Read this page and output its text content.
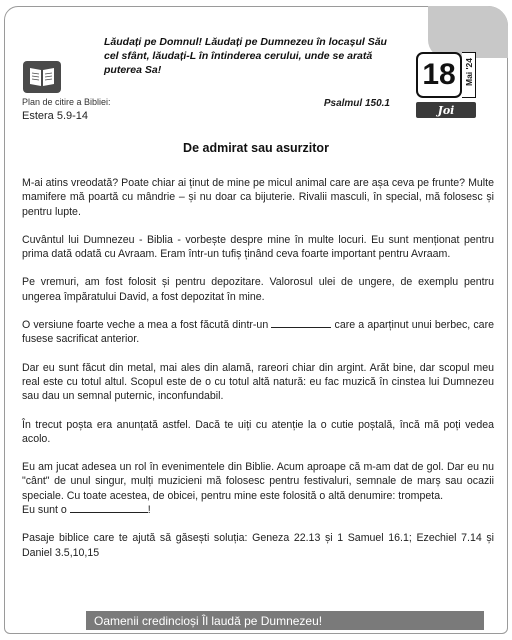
Plan de citire a Bibliei:
Estera 5.9-14
Lăudați pe Domnul! Lăudați pe Dumnezeu în locașul Său cel sfânt, lăudați-L în întinderea cerului, unde se arată puterea Sa!
Psalmul 150.1
18 Mai '24
Joi
De admirat sau asurzitor

M-ai atins vreodată? Poate chiar ai ținut de mine pe micul animal care are așa ceva pe frunte? Multe mamifere mă poartă cu mândrie – și nu doar ca bijuterie. Rivalii masculi, în special, mă folosesc și pentru lupte.

Cuvântul lui Dumnezeu - Biblia - vorbește despre mine în multe locuri. Eu sunt menționat pentru prima dată odată cu Avraam. Eram într-un tufiș ținând ceva foarte important pentru Avraam.

Pe vremuri, am fost folosit și pentru depozitare. Valorosul ulei de ungere, de exemplu pentru ungerea împăratului David, a fost depozitat în mine.

O versiune foarte veche a mea a fost făcută dintr-un	care a aparținut unui berbec, care fusese sacrificat anterior.

Dar eu sunt făcut din metal, mai ales din alamă, rareori chiar din argint. Arăt bine, dar scopul meu real este cu totul altul. Scopul este de o cu totul altă natură: eu fac muzică în cinstea lui Dumnezeu sau dau un semnal puternic, inconfundabil.

În trecut poșta era anunțată astfel. Dacă te uiți cu atenție la o cutie poștală, încă mă poți vedea acolo.

Eu am jucat adesea un rol în evenimentele din Biblie. Acum aproape că m-am dat de gol. Dar eu nu "cânt" de unul singur, mulți muzicieni mă folosesc pentru festivaluri, semnale de marș sau ocazii speciale. Cu toate acestea, de obicei, pentru mine este folosită o altă denumire: trompeta.

Eu sunt o	!

Pasaje biblice care te ajută să găsești soluția: Geneza 22.13 și 1 Samuel 16.1; Ezechiel 7.14 și Daniel 3.5,10,15

Oamenii credincioși Îl laudă pe Dumnezeu!
